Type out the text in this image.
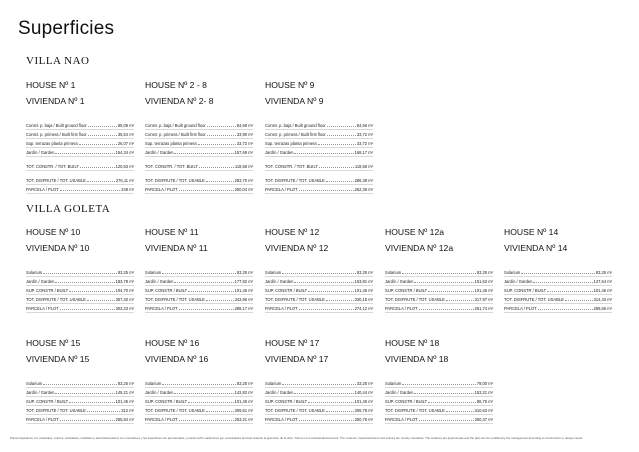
Superficies
VILLA NAO
VILLA GOLETA
HOUSE Nº 1
VIVIENDA Nº 1
Constr. p. baja / Built ground floor	85,09 m²
Constr. p. primera / Built first floor	35,54 m²
Sup. terrazas planta primera	26,07 m²
Jardín / Garden	154,34 m²
TOT. CONSTR. / TOT. BUILT	120,63 m²
TOT. DISFRUTE / TOT. USABLE	276,11 m²
PARCELA / PLOT	249 m²
HOUSE Nº 2 - 8
VIVIENDA Nº 2- 8
Constr. p. baja / Built ground floor	84,68 m²
Constr. p. primera / Built first floor	33,90 m²
Sup. terrazas planta primera	33,72 m²
Jardín / Garden	157,69 m²
TOT. CONSTR. / TOT. BUILT	118,58 m²
TOT. DISFRUTE / TOT. USABLE	283,70 m²
PARCELA / PLOT	250,04 m²
HOUSE Nº 9
VIVIENDA Nº 9
Constr. p. baja / Built ground floor	84,56 m²
Constr. p. primera / Built first floor	33,72 m²
Sup. terrazas planta primera	33,72 m²
Jardín / Garden	168,17 m²
TOT. CONSTR. / TOT. BUILT	118,58 m²
TOT. DISFRUTE / TOT. USABLE	286,39 m²
PARCELA / PLOT	262,36 m²
HOUSE Nº 10
VIVIENDA Nº 10
Solarium	83,25 m²
Jardín / Garden	183,78 m²
SUP. CONSTR / BUILT	104,70 m²
TOT. DISFRUTE / TOT. USABLE	357,40 m²
PARCELA / PLOT	302,23 m²
HOUSE Nº 11
VIVIENDA Nº 11
Solarium	83,25 m²
Jardín / Garden	177,82 m²
SUP. CONSTR / BUILT	101,45 m²
TOT. DISFRUTE / TOT. USABLE	343,96 m²
PARCELA / PLOT	288,17 m²
HOUSE Nº 12
VIVIENDA Nº 12
Solarium	83,25 m²
Jardín / Garden	163,81 m²
SUP. CONSTR / BUILT	101,45 m²
TOT. DISFRUTE / TOT. USABLE	330,15 m²
PARCELA / PLOT	274,12 m²
HOUSE Nº 12a
VIVIENDA Nº 12a
Solarium	83,25 m²
Jardín / Garden	151,63 m²
SUP. CONSTR / BUILT	101,45 m²
TOT. DISFRUTE / TOT. USABLE	317,97 m²
PARCELA / PLOT	261,74 m²
HOUSE Nº 14
VIVIENDA Nº 14
Solarium	83,25 m²
Jardín / Garden	147,64 m²
SUP. CONSTR / BUILT	101,45 m²
TOT. DISFRUTE / TOT. USABLE	314,43 m²
PARCELA / PLOT	258,66 m²
HOUSE Nº 15
VIVIENDA Nº 15
Solarium	83,25 m²
Jardín / Garden	145,21 m²
SUP. CONSTR / BUILT	101,45 m²
TOT. DISFRUTE / TOT. USABLE	312 m²
PARCELA / PLOT	255,84 m²
HOUSE Nº 16
VIVIENDA Nº 16
Solarium	83,25 m²
Jardín / Garden	142,83 m²
SUP. CONSTR / BUILT	101,45 m²
TOT. DISFRUTE / TOT. USABLE	309,61 m²
PARCELA / PLOT	253,21 m²
HOUSE Nº 17
VIVIENDA Nº 17
Solarium	33,25 m²
Jardín / Garden	140,44 m²
SUP. CONSTR / BUILT	101,45 m²
TOT. DISFRUTE / TOT. USABLE	306,78 m²
PARCELA / PLOT	250,76 m²
HOUSE Nº 18
VIVIENDA Nº 18
Solarium	79,00 m²
Jardín / Garden	153,21 m²
SUP. CONSTR / BUILT	96,75 m²
TOT. DISFRUTE / TOT. USABLE	310,63 m²
PARCELA / PLOT	260,37 m²
Planos figurativos, los materiales, colores, cantidades, mobiliario y electrodomésticos son orientativos y las superficies son aproximadas y podrán sufrir variaciones por necesidades técnicas durante la ejecución de la obra. This is not a contractual document. The contents, household items and colours are merely orientative. The surfaces are approximate and the plan can be modified by the management according to construction or design needs.
